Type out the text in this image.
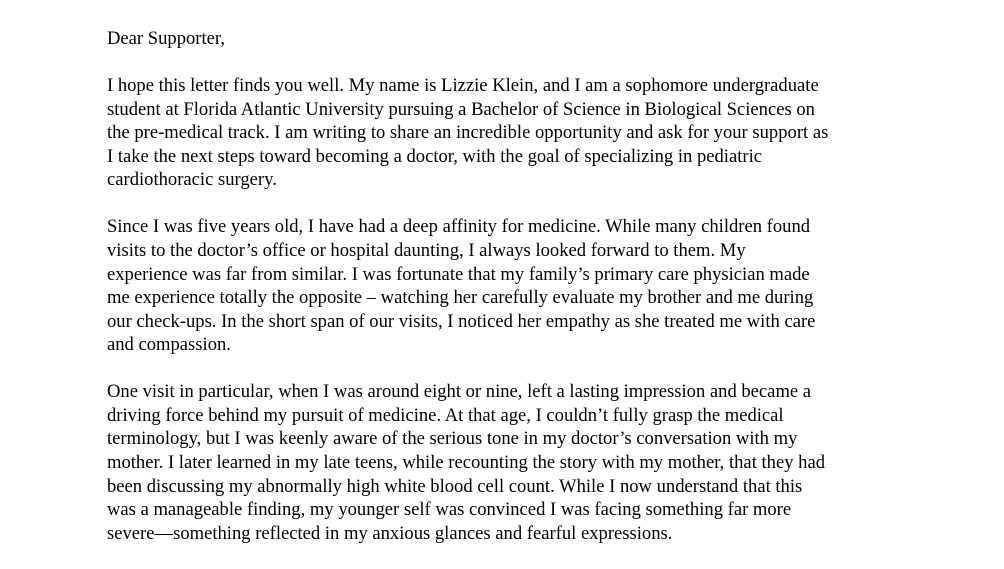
Dear Supporter,
I hope this letter finds you well. My name is Lizzie Klein, and I am a sophomore undergraduate
student at Florida Atlantic University pursuing a Bachelor of Science in Biological Sciences on
the pre-medical track. I am writing to share an incredible opportunity and ask for your support as
I take the next steps toward becoming a doctor, with the goal of specializing in pediatric
cardiothoracic surgery.
Since I was five years old, I have had a deep affinity for medicine. While many children found
visits to the doctor’s office or hospital daunting, I always looked forward to them. My
experience was far from similar. I was fortunate that my family’s primary care physician made
me experience totally the opposite – watching her carefully evaluate my brother and me during
our check-ups. In the short span of our visits, I noticed her empathy as she treated me with care
and compassion.
One visit in particular, when I was around eight or nine, left a lasting impression and became a
driving force behind my pursuit of medicine. At that age, I couldn’t fully grasp the medical
terminology, but I was keenly aware of the serious tone in my doctor’s conversation with my
mother. I later learned in my late teens, while recounting the story with my mother, that they had
been discussing my abnormally high white blood cell count. While I now understand that this
was a manageable finding, my younger self was convinced I was facing something far more
severe—something reflected in my anxious glances and fearful expressions.
